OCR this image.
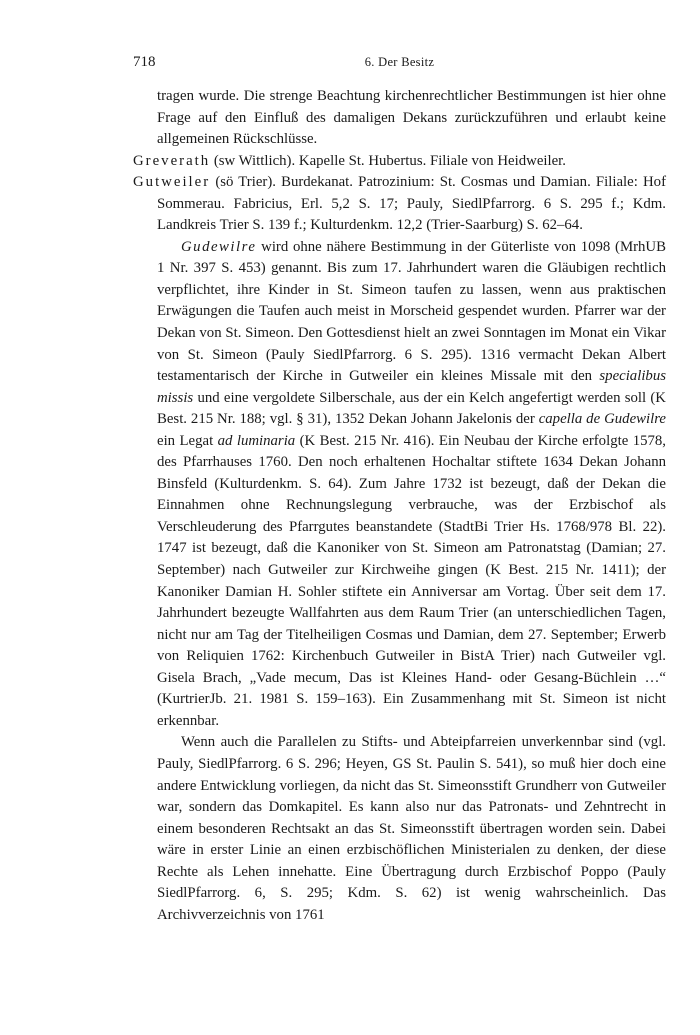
718	6. Der Besitz

tragen wurde. Die strenge Beachtung kirchenrechtlicher Bestimmungen ist hier ohne Frage auf den Einfluß des damaligen Dekans zurückzuführen und erlaubt keine allgemeinen Rückschlüsse.

Greverath (sw Wittlich). Kapelle St. Hubertus. Filiale von Heidweiler.

Gutweiler (sö Trier). Burdekanat. Patrozinium: St. Cosmas und Damian. Filiale: Hof Sommerau. Fabricius, Erl. 5,2 S. 17; Pauly, SiedlPfarrorg. 6 S. 295 f.; Kdm. Landkreis Trier S. 139 f.; Kulturdenkm. 12,2 (Trier-Saarburg) S. 62–64.

Gudewilre wird ohne nähere Bestimmung in der Güterliste von 1098 (MrhUB 1 Nr. 397 S. 453) genannt. Bis zum 17. Jahrhundert waren die Gläubigen rechtlich verpflichtet, ihre Kinder in St. Simeon taufen zu lassen, wenn aus praktischen Erwägungen die Taufen auch meist in Morscheid gespendet wurden. Pfarrer war der Dekan von St. Simeon. Den Gottesdienst hielt an zwei Sonntagen im Monat ein Vikar von St. Simeon (Pauly SiedlPfarrorg. 6 S. 295). 1316 vermacht Dekan Albert testamentarisch der Kirche in Gutweiler ein kleines Missale mit den specialibus missis und eine vergoldete Silberschale, aus der ein Kelch angefertigt werden soll (K Best. 215 Nr. 188; vgl. § 31), 1352 Dekan Johann Jakelonis der capella de Gudewilre ein Legat ad luminaria (K Best. 215 Nr. 416). Ein Neubau der Kirche erfolgte 1578, des Pfarrhauses 1760. Den noch erhaltenen Hochaltar stiftete 1634 Dekan Johann Binsfeld (Kulturdenkm. S. 64). Zum Jahre 1732 ist bezeugt, daß der Dekan die Einnahmen ohne Rechnungslegung verbrauche, was der Erzbischof als Verschleuderung des Pfarrgutes beanstandete (StadtBi Trier Hs. 1768/978 Bl. 22). 1747 ist bezeugt, daß die Kanoniker von St. Simeon am Patronatstag (Damian; 27. September) nach Gutweiler zur Kirchweihe gingen (K Best. 215 Nr. 1411); der Kanoniker Damian H. Sohler stiftete ein Anniversar am Vortag. Über seit dem 17. Jahrhundert bezeugte Wallfahrten aus dem Raum Trier (an unterschiedlichen Tagen, nicht nur am Tag der Titelheiligen Cosmas und Damian, dem 27. September; Erwerb von Reliquien 1762: Kirchenbuch Gutweiler in BistA Trier) nach Gutweiler vgl. Gisela Brach, „Vade mecum, Das ist Kleines Hand- oder Gesang-Büchlein …“ (KurtrierJb. 21. 1981 S. 159–163). Ein Zusammenhang mit St. Simeon ist nicht erkennbar.

Wenn auch die Parallelen zu Stifts- und Abteipfarreien unverkennbar sind (vgl. Pauly, SiedlPfarrorg. 6 S. 296; Heyen, GS St. Paulin S. 541), so muß hier doch eine andere Entwicklung vorliegen, da nicht das St. Simeonsstift Grundherr von Gutweiler war, sondern das Domkapitel. Es kann also nur das Patronats- und Zehntrecht in einem besonderen Rechtsakt an das St. Simeonsstift übertragen worden sein. Dabei wäre in erster Linie an einen erzbischöflichen Ministerialen zu denken, der diese Rechte als Lehen innehatte. Eine Übertragung durch Erzbischof Poppo (Pauly SiedlPfarrorg. 6, S. 295; Kdm. S. 62) ist wenig wahrscheinlich. Das Archivverzeichnis von 1761
